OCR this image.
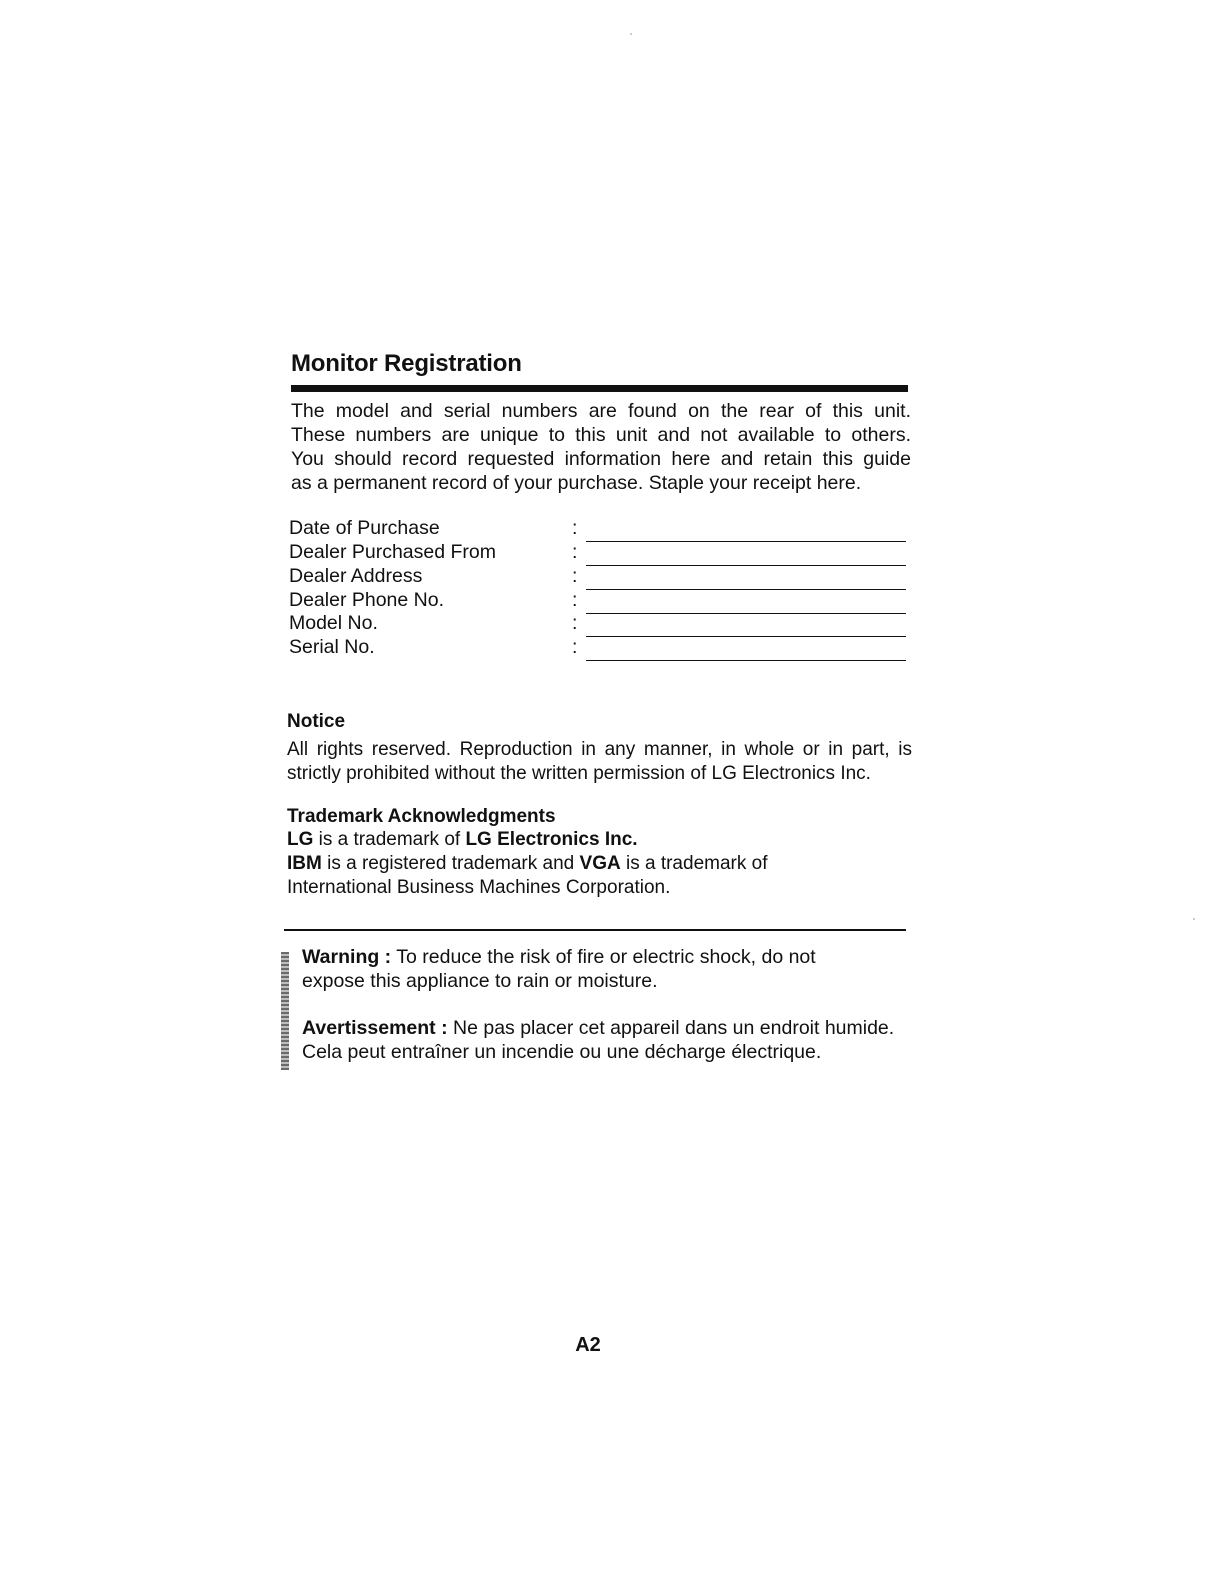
Monitor Registration
The model and serial numbers are found on the rear of this unit.
These numbers are unique to this unit and not available to others.
You should record requested information here and retain this guide
as a permanent record of your purchase. Staple your receipt here.
Date of Purchase	:
Dealer Purchased From	:
Dealer Address	:
Dealer Phone No.	:
Model No.	:
Serial No.	:
Notice
All rights reserved. Reproduction in any manner, in whole or in part, is
strictly prohibited without the written permission of LG Electronics Inc.
Trademark Acknowledgments
LG is a trademark of LG Electronics Inc.
IBM is a registered trademark and VGA is a trademark of
International Business Machines Corporation.
Warning : To reduce the risk of fire or electric shock, do not
expose this appliance to rain or moisture.
Avertissement : Ne pas placer cet appareil dans un endroit humide.
Cela peut entraîner un incendie ou une décharge électrique.
A2
